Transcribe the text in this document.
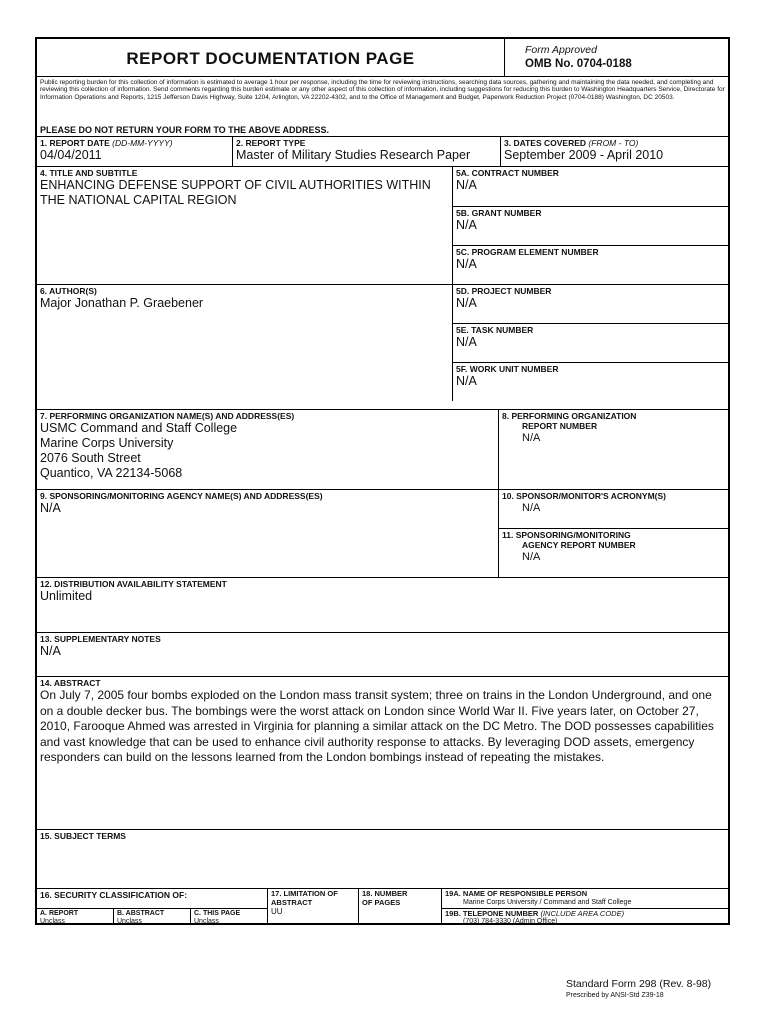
REPORT DOCUMENTATION PAGE	Form Approved
OMB No. 0704-0188
Public reporting burden for this collection of information is estimated to average 1 hour per response, including the time for reviewing instructions, searching data sources, gathering and maintaining the data needed, and completing and reviewing this collection of information. Send comments regarding this burden estimate or any other aspect of this collection of information, including suggestions for reducing this burden to Washington Headquarters Service, Directorate for Information Operations and Reports, 1215 Jefferson Davis Highway, Suite 1204, Arlington, VA 22202-4302, and to the Office of Management and Budget, Paperwork Reduction Project (0704-0188) Washington, DC 20503.
PLEASE DO NOT RETURN YOUR FORM TO THE ABOVE ADDRESS.
1. REPORT DATE (DD-MM-YYYY)
04/04/2011
2. REPORT TYPE
Master of Military Studies Research Paper
3. DATES COVERED (FROM - TO)
September 2009 - April 2010
4. TITLE AND SUBTITLE
ENHANCING DEFENSE SUPPORT OF CIVIL AUTHORITIES WITHIN THE NATIONAL CAPITAL REGION
5A. CONTRACT NUMBER
N/A
5B. GRANT NUMBER
N/A
5C. PROGRAM ELEMENT NUMBER
N/A
6. AUTHOR(S)
Major Jonathan P. Graebener
5D. PROJECT NUMBER
N/A
5E. TASK NUMBER
N/A
5F. WORK UNIT NUMBER
N/A
7. PERFORMING ORGANIZATION NAME(S) AND ADDRESS(ES)
USMC Command and Staff College
Marine Corps University
2076 South Street
Quantico, VA 22134-5068
8. PERFORMING ORGANIZATION
REPORT NUMBER
N/A
9. SPONSORING/MONITORING AGENCY NAME(S) AND ADDRESS(ES)
N/A
10. SPONSOR/MONITOR'S ACRONYM(S)
N/A
11. SPONSORING/MONITORING
AGENCY REPORT NUMBER
N/A
12. DISTRIBUTION AVAILABILITY STATEMENT
Unlimited
13. SUPPLEMENTARY NOTES
N/A
14. ABSTRACT
On July 7, 2005 four bombs exploded on the London mass transit system; three on trains in the London Underground, and one on a double decker bus. The bombings were the worst attack on London since World War II. Five years later, on October 27, 2010, Farooque Ahmed was arrested in Virginia for planning a similar attack on the DC Metro. The DOD possesses capabilities and vast knowledge that can be used to enhance civil authority response to attacks. By leveraging DOD assets, emergency responders can build on the lessons learned from the London bombings instead of repeating the mistakes.
15. SUBJECT TERMS
16. SECURITY CLASSIFICATION OF:
A. REPORT
Unclass
B. ABSTRACT
Unclass
C. THIS PAGE
Unclass
17. LIMITATION OF
ABSTRACT
UU
18. NUMBER
OF PAGES
19A. NAME OF RESPONSIBLE PERSON
Marine Corps University / Command and Staff College
19B. TELEPONE NUMBER (INCLUDE AREA CODE)
(703) 784-3330 (Admin Office)
Standard Form 298 (Rev. 8-98)
Prescribed by ANSI-Std Z39-18
